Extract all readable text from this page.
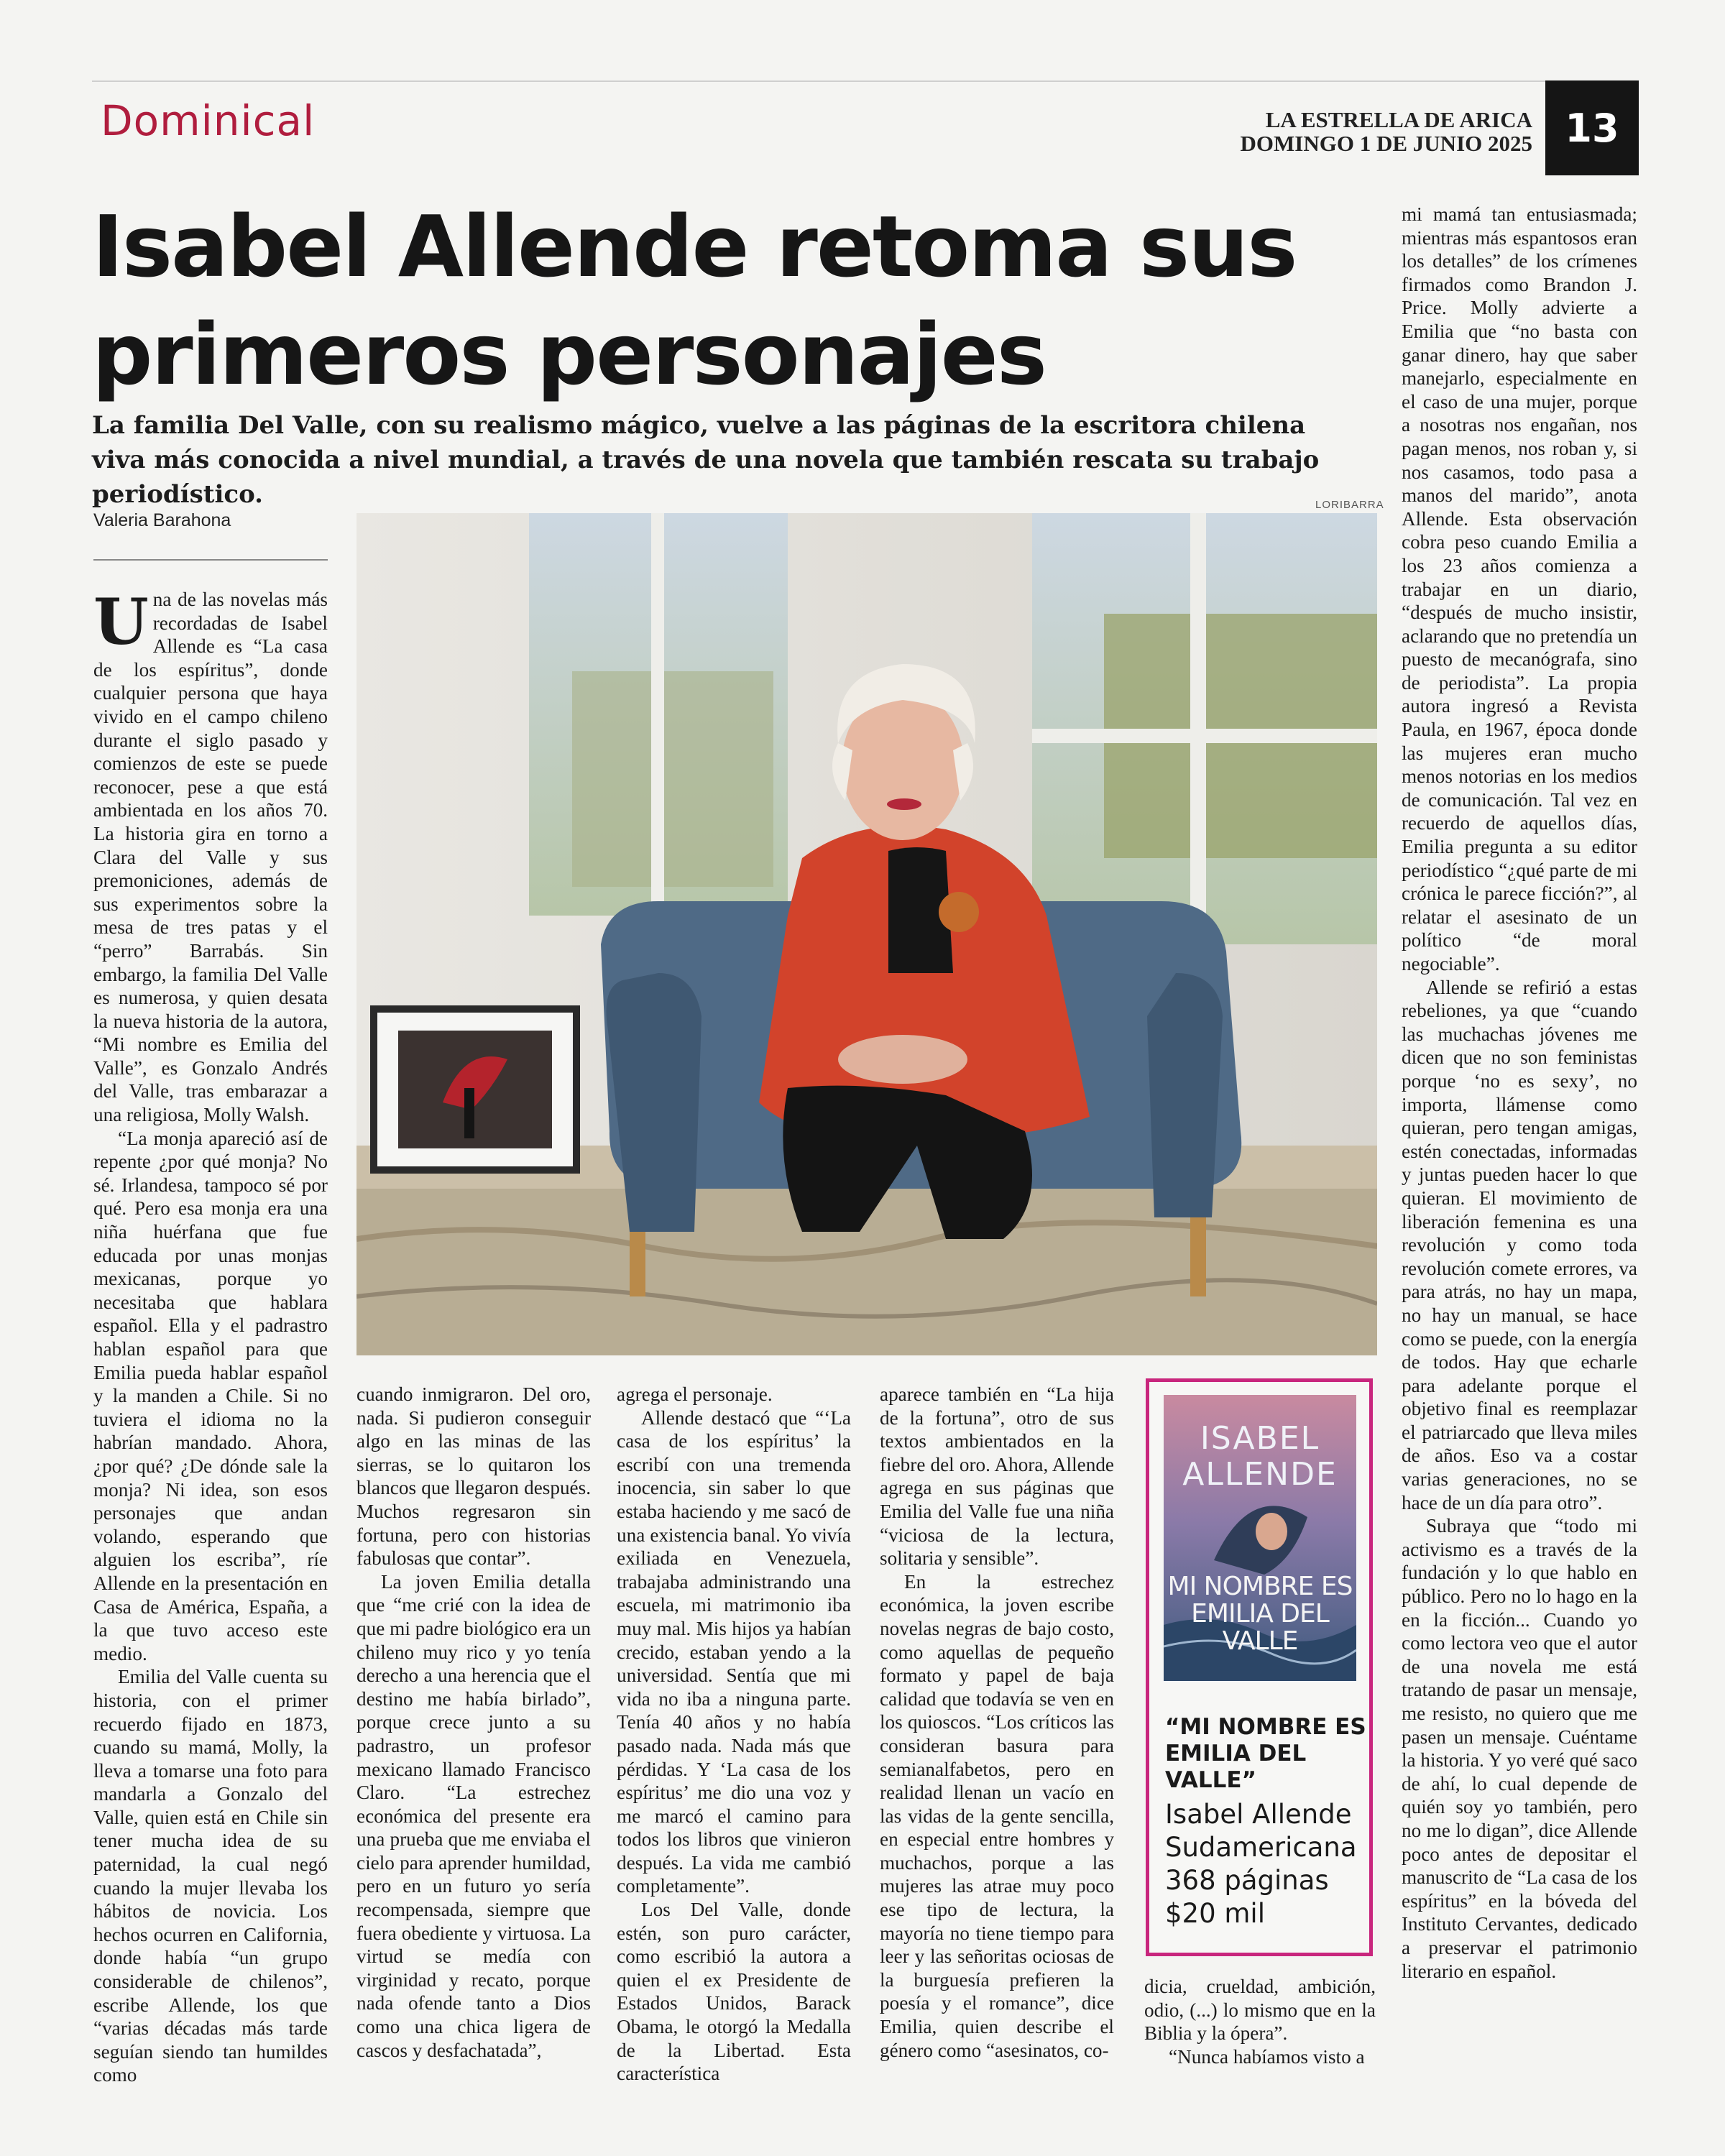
Dominical	LA ESTRELLA DE ARICA
DOMINGO 1 DE JUNIO 2025 13
Isabel Allende retoma sus
primeros personajes
La familia Del Valle, con su realismo mágico, vuelve a las páginas de la escritora chilena viva más conocida a nivel mundial, a través de una novela que también rescata su trabajo periodístico.
Valeria Barahona
LORIBARRA

Una de las novelas más recordadas de Isabel Allende es “La casa de los espíritus”, donde cualquier persona que haya vivido en el campo chileno durante el siglo pasado y comienzos de este se puede reconocer, pese a que está ambientada en los años 70. La historia gira en torno a Clara del Valle y sus premoniciones, además de sus experimentos sobre la mesa de tres patas y el “perro” Barrabás. Sin embargo, la familia Del Valle es numerosa, y quien desata la nueva historia de la autora, “Mi nombre es Emilia del Valle”, es Gonzalo Andrés del Valle, tras embarazar a una religiosa, Molly Walsh.

“La monja apareció así de repente ¿por qué monja? No sé. Irlandesa, tampoco sé por qué. Pero esa monja era una niña huérfana que fue educada por unas monjas mexicanas, porque yo necesitaba que hablara español. Ella y el padrastro hablan español para que Emilia pueda hablar español y la manden a Chile. Si no tuviera el idioma no la habrían mandado. Ahora, ¿por qué? ¿De dónde sale la monja? Ni idea, son esos personajes que andan volando, esperando que alguien los escriba”, ríe Allende en la presentación en Casa de América, España, a la que tuvo acceso este medio.

Emilia del Valle cuenta su historia, con el primer recuerdo fijado en 1873, cuando su mamá, Molly, la lleva a tomarse una foto para mandarla a Gonzalo del Valle, quien está en Chile sin tener mucha idea de su paternidad, la cual negó cuando la mujer llevaba los hábitos de novicia. Los hechos ocurren en California, donde había “un grupo considerable de chilenos”, escribe Allende, los que “varias décadas más tarde seguían siendo tan humildes como

cuando inmigraron. Del oro, nada. Si pudieron conseguir algo en las minas de las sierras, se lo quitaron los blancos que llegaron después. Muchos regresaron sin fortuna, pero con historias fabulosas que contar”.

La joven Emilia detalla que “me crié con la idea de que mi padre biológico era un chileno muy rico y yo tenía derecho a una herencia que el destino me había birlado”, porque crece junto a su padrastro, un profesor mexicano llamado Francisco Claro. “La estrechez económica del presente era una prueba que me enviaba el cielo para aprender humildad, pero en un futuro yo sería recompensada, siempre que fuera obediente y virtuosa. La virtud se medía con virginidad y recato, porque nada ofende tanto a Dios como una chica ligera de cascos y desfachatada”,

agrega el personaje.

Allende destacó que “‘La casa de los espíritus’ la escribí con una tremenda inocencia, sin saber lo que estaba haciendo y me sacó de una existencia banal. Yo vivía exiliada en Venezuela, trabajaba administrando una escuela, mi matrimonio iba muy mal. Mis hijos ya habían crecido, estaban yendo a la universidad. Sentía que mi vida no iba a ninguna parte. Tenía 40 años y no había pasado nada. Nada más que pérdidas. Y ‘La casa de los espíritus’ me dio una voz y me marcó el camino para todos los libros que vinieron después. La vida me cambió completamente”.

Los Del Valle, donde estén, son puro carácter, como escribió la autora a quien el ex Presidente de Estados Unidos, Barack Obama, le otorgó la Medalla de la Libertad. Esta característica

aparece también en “La hija de la fortuna”, otro de sus textos ambientados en la fiebre del oro. Ahora, Allende agrega en sus páginas que Emilia del Valle fue una niña “viciosa de la lectura, solitaria y sensible”.

En la estrechez económica, la joven escribe novelas negras de bajo costo, como aquellas de pequeño formato y papel de baja calidad que todavía se ven en los quioscos. “Los críticos las consideran basura para semianalfabetos, pero en realidad llenan un vacío en las vidas de la gente sencilla, en especial entre hombres y muchachos, porque a las mujeres las atrae muy poco ese tipo de lectura, la mayoría no tiene tiempo para leer y las señoritas ociosas de la burguesía prefieren la poesía y el romance”, dice Emilia, quien describe el género como “asesinatos, co-

ISABEL ALLENDE
MI NOMBRE ES EMILIA DEL VALLE
“MI NOMBRE ES EMILIA DEL VALLE”
Isabel Allende
Sudamericana
368 páginas
$20 mil

dicia, crueldad, ambición, odio, (...) lo mismo que en la Biblia y la ópera”.

“Nunca habíamos visto a

mi mamá tan entusiasmada; mientras más espantosos eran los detalles” de los crímenes firmados como Brandon J. Price. Molly advierte a Emilia que “no basta con ganar dinero, hay que saber manejarlo, especialmente en el caso de una mujer, porque a nosotras nos engañan, nos pagan menos, nos roban y, si nos casamos, todo pasa a manos del marido”, anota Allende. Esta observación cobra peso cuando Emilia a los 23 años comienza a trabajar en un diario, “después de mucho insistir, aclarando que no pretendía un puesto de mecanógrafa, sino de periodista”. La propia autora ingresó a Revista Paula, en 1967, época donde las mujeres eran mucho menos notorias en los medios de comunicación. Tal vez en recuerdo de aquellos días, Emilia pregunta a su editor periodístico “¿qué parte de mi crónica le parece ficción?”, al relatar el asesinato de un político “de moral negociable”.

Allende se refirió a estas rebeliones, ya que “cuando las muchachas jóvenes me dicen que no son feministas porque ‘no es sexy’, no importa, llámense como quieran, pero tengan amigas, estén conectadas, informadas y juntas pueden hacer lo que quieran. El movimiento de liberación femenina es una revolución y como toda revolución comete errores, va para atrás, no hay un mapa, no hay un manual, se hace como se puede, con la energía de todos. Hay que echarle para adelante porque el objetivo final es reemplazar el patriarcado que lleva miles de años. Eso va a costar varias generaciones, no se hace de un día para otro”.

Subraya que “todo mi activismo es a través de la fundación y lo que hablo en público. Pero no lo hago en la en la ficción... Cuando yo como lectora veo que el autor de una novela me está tratando de pasar un mensaje, me resisto, no quiero que me pasen un mensaje. Cuéntame la historia. Y yo veré qué saco de ahí, lo cual depende de quién soy yo también, pero no me lo digan”, dice Allende poco antes de depositar el manuscrito de “La casa de los espíritus” en la bóveda del Instituto Cervantes, dedicado a preservar el patrimonio literario en español.
